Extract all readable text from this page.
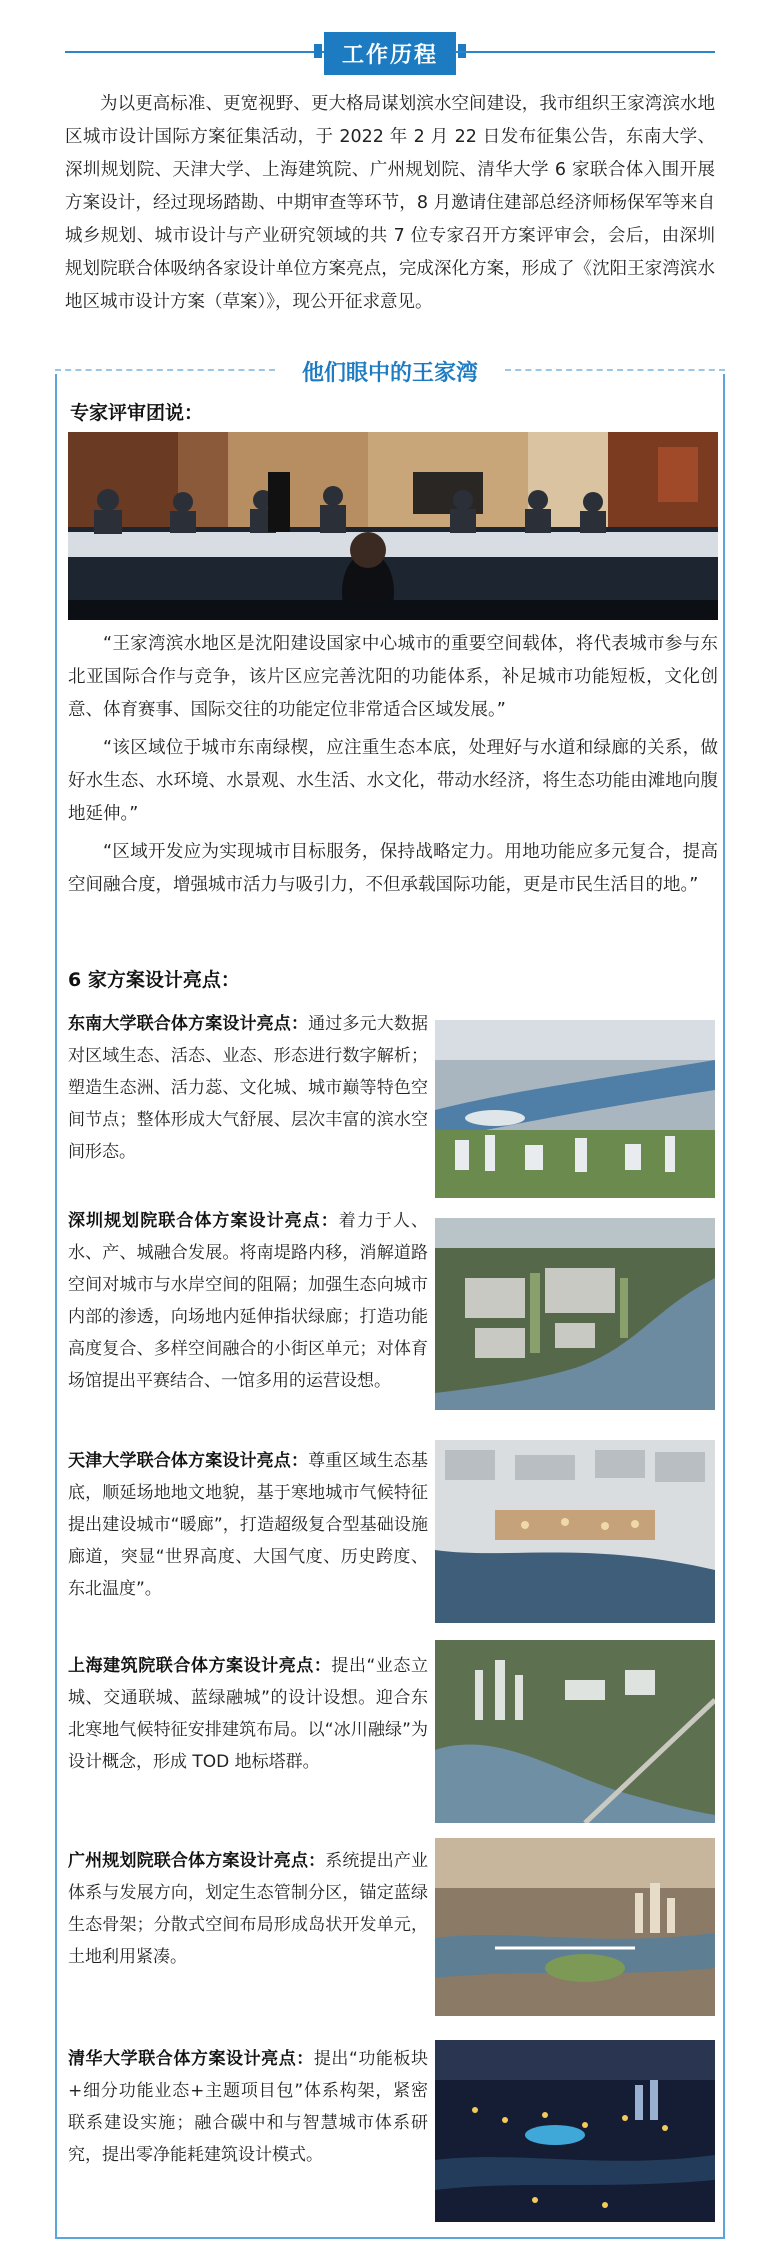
工作历程

为以更高标准、更宽视野、更大格局谋划滨水空间建设，我市组织王家湾滨水地区城市设计国际方案征集活动，于 2022 年 2 月 22 日发布征集公告，东南大学、深圳规划院、天津大学、上海建筑院、广州规划院、清华大学 6 家联合体入围开展方案设计，经过现场踏勘、中期审查等环节，8 月邀请住建部总经济师杨保军等来自城乡规划、城市设计与产业研究领域的共 7 位专家召开方案评审会，会后，由深圳规划院联合体吸纳各家设计单位方案亮点，完成深化方案，形成了《沈阳王家湾滨水地区城市设计方案（草案）》，现公开征求意见。

他们眼中的王家湾
专家评审团说：

“王家湾滨水地区是沈阳建设国家中心城市的重要空间载体，将代表城市参与东北亚国际合作与竞争，该片区应完善沈阳的功能体系，补足城市功能短板，文化创意、体育赛事、国际交往的功能定位非常适合区域发展。”

“该区域位于城市东南绿楔，应注重生态本底，处理好与水道和绿廊的关系，做好水生态、水环境、水景观、水生活、水文化，带动水经济，将生态功能由滩地向腹地延伸。”

“区域开发应为实现城市目标服务，保持战略定力。用地功能应多元复合，提高空间融合度，增强城市活力与吸引力，不但承载国际功能，更是市民生活目的地。”

6 家方案设计亮点：

东南大学联合体方案设计亮点：通过多元大数据对区域生态、活态、业态、形态进行数字解析；塑造生态洲、活力蕊、文化城、城市巅等特色空间节点；整体形成大气舒展、层次丰富的滨水空间形态。

深圳规划院联合体方案设计亮点：着力于人、水、产、城融合发展。将南堤路内移，消解道路空间对城市与水岸空间的阻隔；加强生态向城市内部的渗透，向场地内延伸指状绿廊；打造功能高度复合、多样空间融合的小街区单元；对体育场馆提出平赛结合、一馆多用的运营设想。

天津大学联合体方案设计亮点：尊重区域生态基底，顺延场地地文地貌，基于寒地城市气候特征提出建设城市“暖廊”，打造超级复合型基础设施廊道，突显“世界高度、大国气度、历史跨度、东北温度”。

上海建筑院联合体方案设计亮点：提出“业态立城、交通联城、蓝绿融城”的设计设想。迎合东北寒地气候特征安排建筑布局。以“冰川融绿”为设计概念，形成 TOD 地标塔群。

广州规划院联合体方案设计亮点：系统提出产业体系与发展方向，划定生态管制分区，锚定蓝绿生态骨架；分散式空间布局形成岛状开发单元，土地利用紧凑。

清华大学联合体方案设计亮点：提出“功能板块+细分功能业态+主题项目包”体系构架，紧密联系建设实施；融合碳中和与智慧城市体系研究，提出零净能耗建筑设计模式。
